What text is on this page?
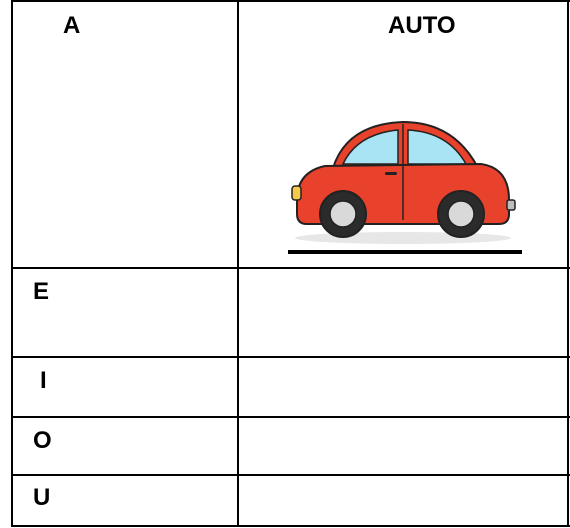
A	AUTO
E
I
O
U
